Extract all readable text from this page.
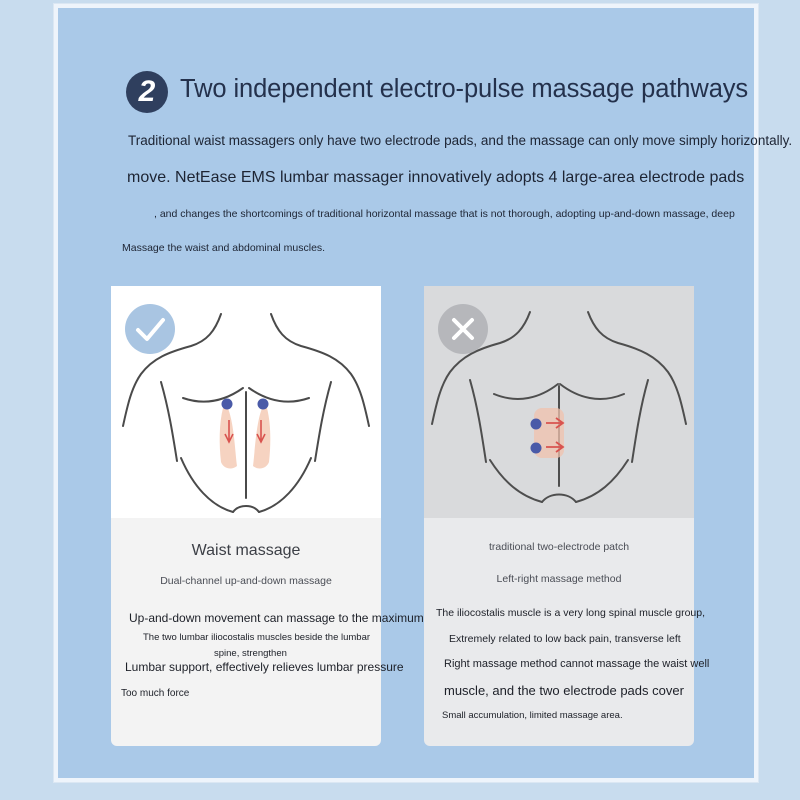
2 Two independent electro-pulse massage pathways
Traditional waist massagers only have two electrode pads, and the massage can only move simply horizontally.
move. NetEase EMS lumbar massager innovatively adopts 4 large-area electrode pads
, and changes the shortcomings of traditional horizontal massage that is not thorough, adopting up-and-down massage, deep
Massage the waist and abdominal muscles.
Waist massage
Dual-channel up-and-down massage
Up-and-down movement can massage to the maximum
The two lumbar iliocostalis muscles beside the lumbar
spine, strengthen
Lumbar support, effectively relieves lumbar pressure
Too much force
traditional two-electrode patch
Left-right massage method
The iliocostalis muscle is a very long spinal muscle group,
Extremely related to low back pain, transverse left
Right massage method cannot massage the waist well
muscle, and the two electrode pads cover
Small accumulation, limited massage area.
